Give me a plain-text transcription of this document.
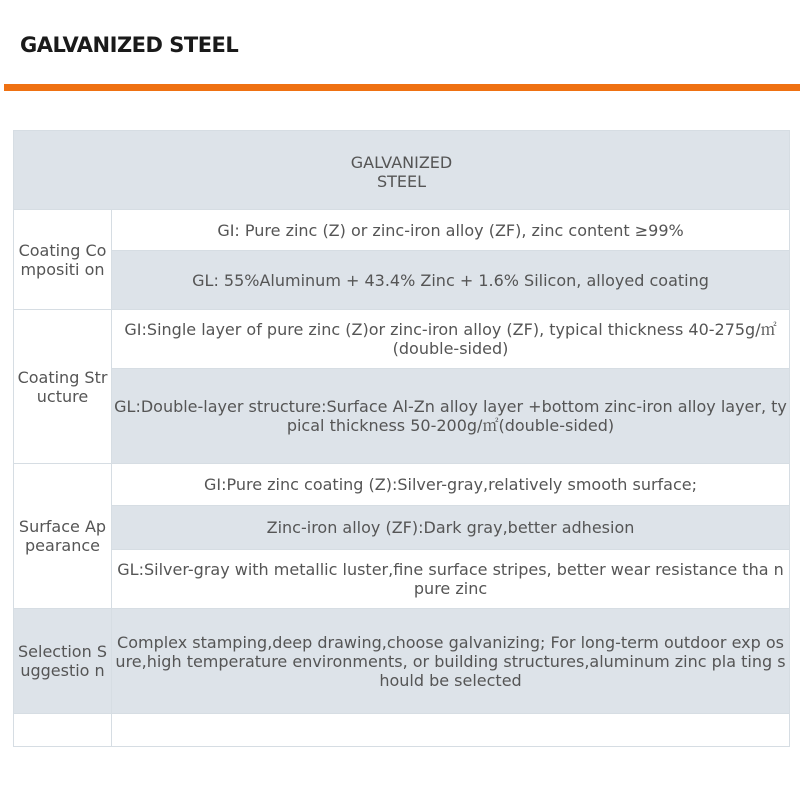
GALVANIZED STEEL
GALVANIZED
STEEL	
Coating Compositi on	GI: Pure zinc (Z) or zinc-iron alloy (ZF), zinc content ≥99%
	GL: 55%Aluminum + 43.4% Zinc + 1.6% Silicon, alloyed coating
Coating Str ucture	GI:Single layer of pure zinc (Z)or zinc-iron alloy (ZF), typical thickness 40-275g/㎡ (double-sided)
	GL:Double-layer structure:Surface Al-Zn alloy layer +bottom zinc-iron alloy layer, typical thickness 50-200g/㎡(double-sided)
Surface Ap pearance	GI:Pure zinc coating (Z):Silver-gray,relatively smooth surface;
	Zinc-iron alloy (ZF):Dark gray,better adhesion
	GL:Silver-gray with metallic luster,fine surface stripes, better wear resistance tha n pure zinc
Selection Suggestio n	Complex stamping,deep drawing,choose galvanizing; For long-term outdoor exp osure,high temperature environments, or building structures,aluminum zinc pla ting should be selected
